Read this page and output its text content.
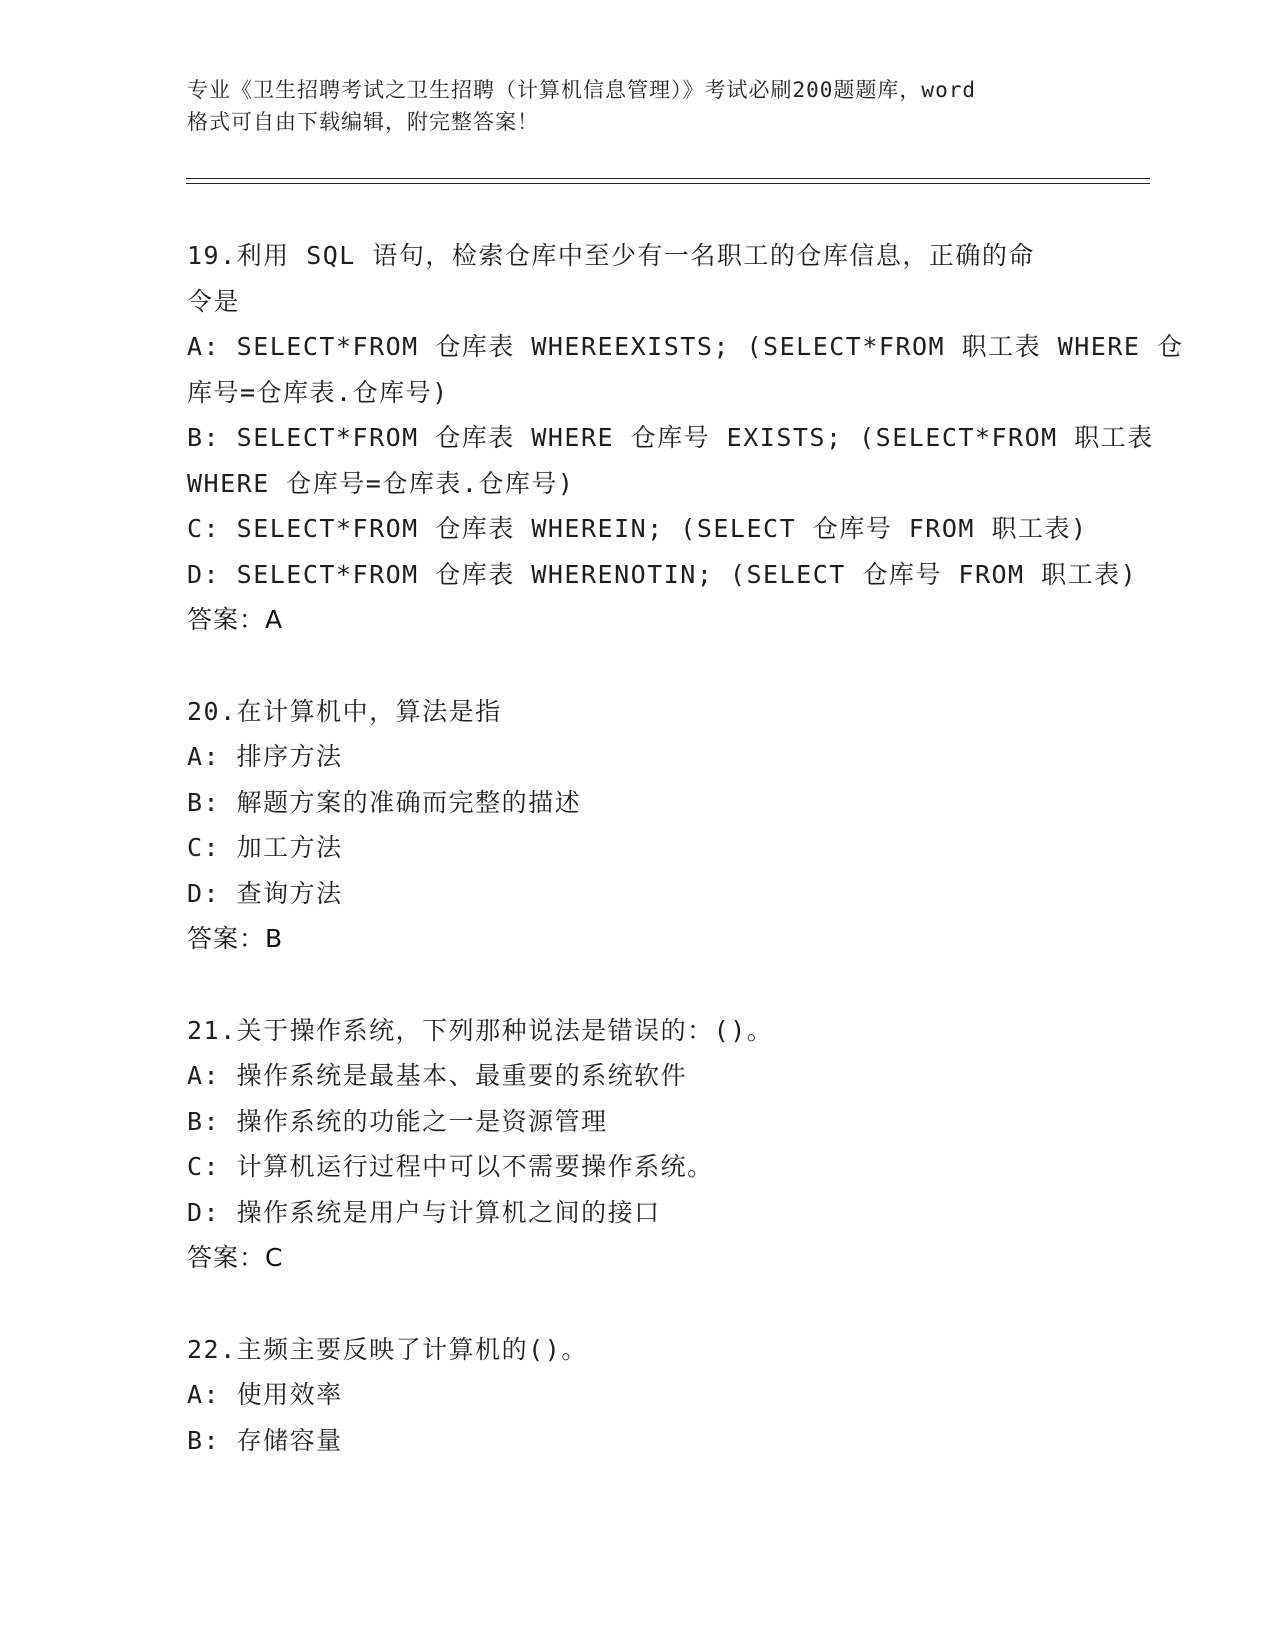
专业《卫生招聘考试之卫生招聘（计算机信息管理）》考试必刷200题题库，word
格式可自由下载编辑，附完整答案！
19.利用 SQL 语句，检索仓库中至少有一名职工的仓库信息，正确的命
令是
A: SELECT*FROM 仓库表 WHEREEXISTS; (SELECT*FROM 职工表 WHERE 仓
库号=仓库表.仓库号)
B: SELECT*FROM 仓库表 WHERE 仓库号 EXISTS; (SELECT*FROM 职工表
WHERE 仓库号=仓库表.仓库号)
C: SELECT*FROM 仓库表 WHEREIN; (SELECT 仓库号 FROM 职工表)
D: SELECT*FROM 仓库表 WHERENOTIN; (SELECT 仓库号 FROM 职工表)
答案：A
20.在计算机中，算法是指
A: 排序方法
B: 解题方案的准确而完整的描述
C: 加工方法
D: 查询方法
答案：B
21.关于操作系统，下列那种说法是错误的：()。
A: 操作系统是最基本、最重要的系统软件
B: 操作系统的功能之一是资源管理
C: 计算机运行过程中可以不需要操作系统。
D: 操作系统是用户与计算机之间的接口
答案：C
22.主频主要反映了计算机的()。
A: 使用效率
B: 存储容量
